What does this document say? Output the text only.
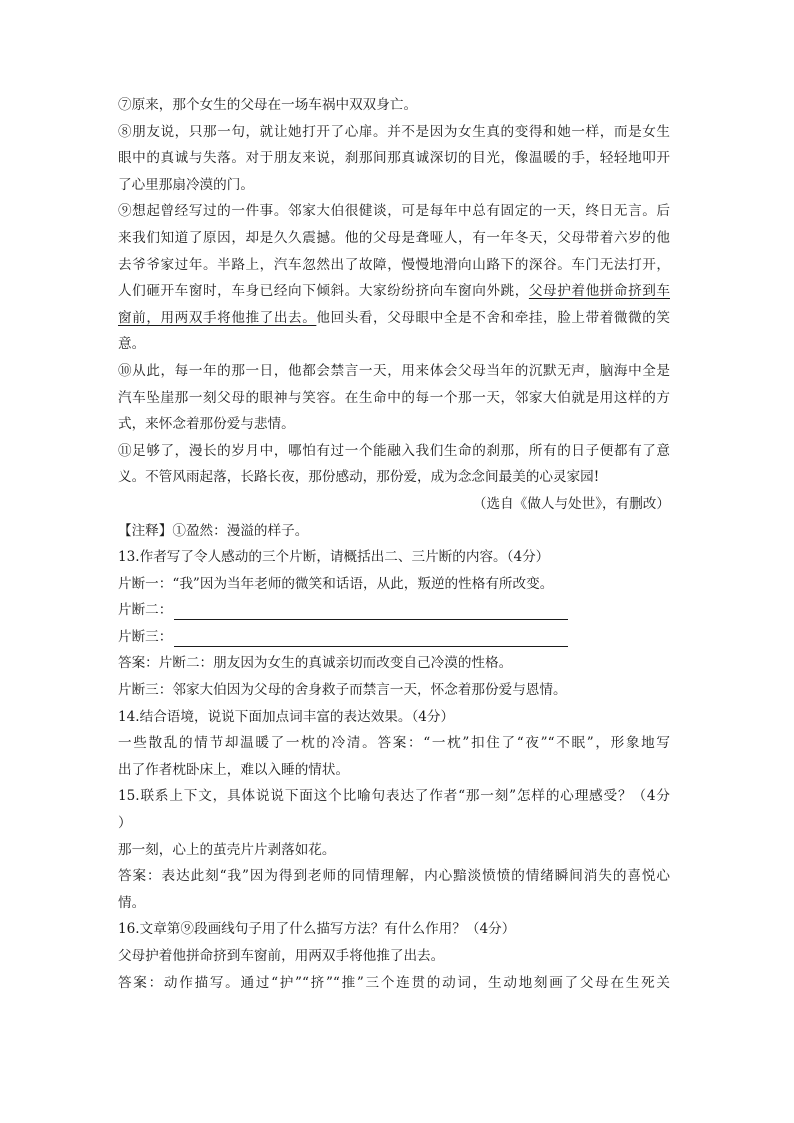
⑦原来，那个女生的父母在一场车祸中双双身亡。
⑧朋友说，只那一句，就让她打开了心扉。并不是因为女生真的变得和她一样，而是女生
眼中的真诚与失落。对于朋友来说，刹那间那真诚深切的目光，像温暖的手，轻轻地叩开
了心里那扇冷漠的门。
⑨想起曾经写过的一件事。邻家大伯很健谈，可是每年中总有固定的一天，终日无言。后
来我们知道了原因，却是久久震撼。他的父母是聋哑人，有一年冬天，父母带着六岁的他
去爷爷家过年。半路上，汽车忽然出了故障，慢慢地滑向山路下的深谷。车门无法打开，
人们砸开车窗时，车身已经向下倾斜。大家纷纷挤向车窗向外跳，父母护着他拼命挤到车
窗前，用两双手将他推了出去。他回头看，父母眼中全是不舍和牵挂，脸上带着微微的笑
意。
⑩从此，每一年的那一日，他都会禁言一天，用来体会父母当年的沉默无声，脑海中全是
汽车坠崖那一刻父母的眼神与笑容。在生命中的每一个那一天，邻家大伯就是用这样的方
式，来怀念着那份爱与悲情。
⑪足够了，漫长的岁月中，哪怕有过一个能融入我们生命的刹那，所有的日子便都有了意
义。不管风雨起落，长路长夜，那份感动，那份爱，成为念念间最美的心灵家园!
（选自《做人与处世》，有删改）
【注释】①盈然：漫溢的样子。
13.作者写了令人感动的三个片断，请概括出二、三片断的内容。（4分）
片断一：“我”因为当年老师的微笑和话语，从此，叛逆的性格有所改变。
片断二：
片断三：
答案：片断二：朋友因为女生的真诚亲切而改变自己冷漠的性格。
片断三：邻家大伯因为父母的舍身救子而禁言一天，怀念着那份爱与恩情。
14.结合语境，说说下面加点词丰富的表达效果。（4分）
一些散乱的情节却温暖了一枕的冷清。答案：“一枕”扣住了“夜”“不眠”，形象地写
出了作者枕卧床上，难以入睡的情状。
15.联系上下文，具体说说下面这个比喻句表达了作者“那一刻”怎样的心理感受？（4分
）
那一刻，心上的茧壳片片剥落如花。
答案：表达此刻“我”因为得到老师的同情理解，内心黯淡愤愤的情绪瞬间消失的喜悦心
情。
16.文章第⑨段画线句子用了什么描写方法？有什么作用？（4分）
父母护着他拼命挤到车窗前，用两双手将他推了出去。
答案：动作描写。通过“护”“挤”“推”三个连贯的动词，生动地刻画了父母在生死关
